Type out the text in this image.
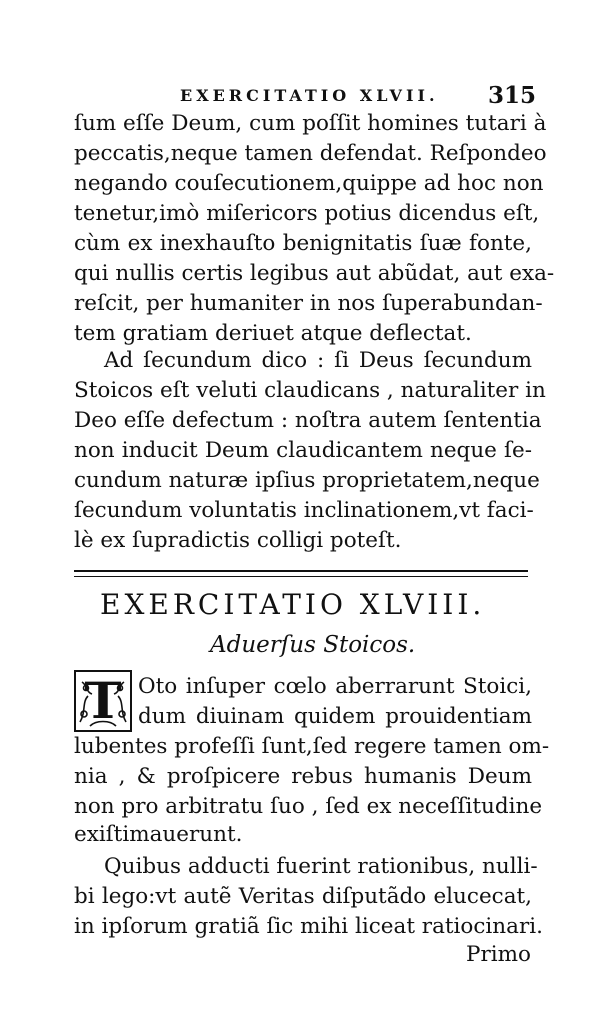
EXERCITATIO XLVII. 315
ſum eſſe Deum, cum poſſit homines tutari à
peccatis,neque tamen defendat. Reſpondeo
negando couſecutionem,quippe ad hoc non
tenetur,imò miſericors potius dicendus eſt,
cùm ex inexhauſto benignitatis ſuæ fonte,
qui nullis certis legibus aut abũdat, aut exa-
reſcit, per humaniter in nos ſuperabundan-
tem gratiam deriuet atque deflectat.
Ad ſecundum dico : ſi Deus ſecundum
Stoicos eſt veluti claudicans , naturaliter in
Deo eſſe defectum : noſtra autem ſententia
non inducit Deum claudicantem neque ſe-
cundum naturæ ipſius proprietatem,neque
ſecundum voluntatis inclinationem,vt faci-
lè ex ſupradictis colligi poteſt.
EXERCITATIO XLVIII.
Aduerſus Stoicos.
T Oto inſuper cœlo aberrarunt Stoici,
dum diuinam quidem prouidentiam
lubentes profeſſi ſunt,ſed regere tamen om-
nia , & proſpicere rebus humanis Deum
non pro arbitratu ſuo , ſed ex neceſſitudine
exiſtimauerunt.
Quibus adducti fuerint rationibus, nulli-
bi lego:vt autẽ Veritas diſputãdo elucecat,
in ipſorum gratiã ſic mihi liceat ratiocinari.
Primo
